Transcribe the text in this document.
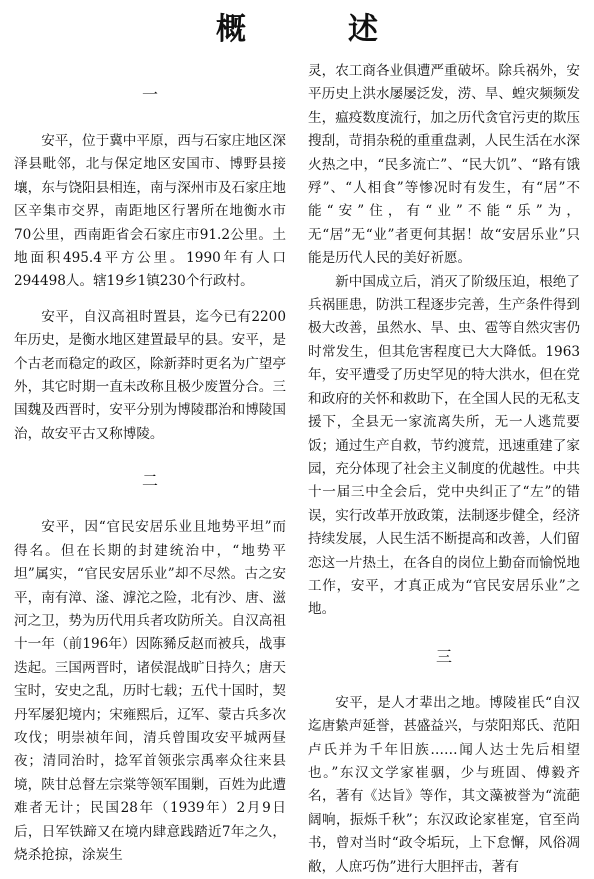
概　述
一

安平，位于冀中平原，西与石家庄地区深泽县毗邻，北与保定地区安国市、博野县接壤，东与饶阳县相连，南与深州市及石家庄地区辛集市交界，南距地区行署所在地衡水市70公里，西南距省会石家庄市91.2公里。土地面积495.4平方公里。1990年有人口294498人。辖19乡1镇230个行政村。

安平，自汉高祖时置县，迄今已有2200年历史，是衡水地区建置最早的县。安平，是个古老而稳定的政区，除新莽时更名为广望亭外，其它时期一直未改称且极少废置分合。三国魏及西晋时，安平分别为博陵郡治和博陵国治，故安平古又称博陵。

二

安平，因“官民安居乐业且地势平坦”而得名。但在长期的封建统治中，“地势平坦”属实，“官民安居乐业”却不尽然。古之安平，南有漳、滏、滹沱之险，北有沙、唐、滋河之卫，势为历代用兵者攻防所关。自汉高祖十一年（前196年）因陈豨反赵而被兵，战事迭起。三国两晋时，诸侯混战旷日持久；唐天宝时，安史之乱，历时七载；五代十国时，契丹军屡犯境内；宋雍熙后，辽军、蒙古兵多次攻伐；明崇祯年间，清兵曾围攻安平城两昼夜；清同治时，捻军首领张宗禹率众往来县境，陕甘总督左宗棠等领军围剿，百姓为此遭难者无计；民国28年（1939年）2月9日后，日军铁蹄又在境内肆意践踏近7年之久，烧杀抢掠，涂炭生

灵，农工商各业俱遭严重破坏。除兵祸外，安平历史上洪水屡屡泛发，涝、旱、蝗灾频频发生，瘟疫数度流行，加之历代贪官污吏的欺压搜刮，苛捐杂税的重重盘剥，人民生活在水深火热之中，“民多流亡”、“民大饥”、“路有饿殍”、“人相食”等惨况时有发生，有“居”不能“安”住，有“业”不能“乐”为，无“居”无“业”者更何其据！故“安居乐业”只能是历代人民的美好祈愿。

新中国成立后，消灭了阶级压迫，根绝了兵祸匪患，防洪工程逐步完善，生产条件得到极大改善，虽然水、旱、虫、雹等自然灾害仍时常发生，但其危害程度已大大降低。1963年，安平遭受了历史罕见的特大洪水，但在党和政府的关怀和救助下，在全国人民的无私支援下，全县无一家流离失所，无一人逃荒要饭；通过生产自救，节约渡荒，迅速重建了家园，充分体现了社会主义制度的优越性。中共十一届三中全会后，党中央纠正了“左”的错误，实行改革开放政策，法制逐步健全，经济持续发展，人民生活不断提高和改善，人们留恋这一片热土，在各自的岗位上勤奋而愉悦地工作，安平，才真正成为“官民安居乐业”之地。

三

安平，是人才辈出之地。博陵崔氏“自汉迄唐絷声延誉，甚盛益兴，与荥阳郑氏、范阳卢氏并为千年旧族……闻人达士先后相望也。”东汉文学家崔骃，少与班固、傅毅齐名，著有《达旨》等作，其文藻被誉为“流葩阔响，振烁千秋”；东汉政论家崔寔，官至尚书，曾对当时“政令垢玩，上下怠懈，风俗凋敝，人庶巧伪”进行大胆抨击，著有
